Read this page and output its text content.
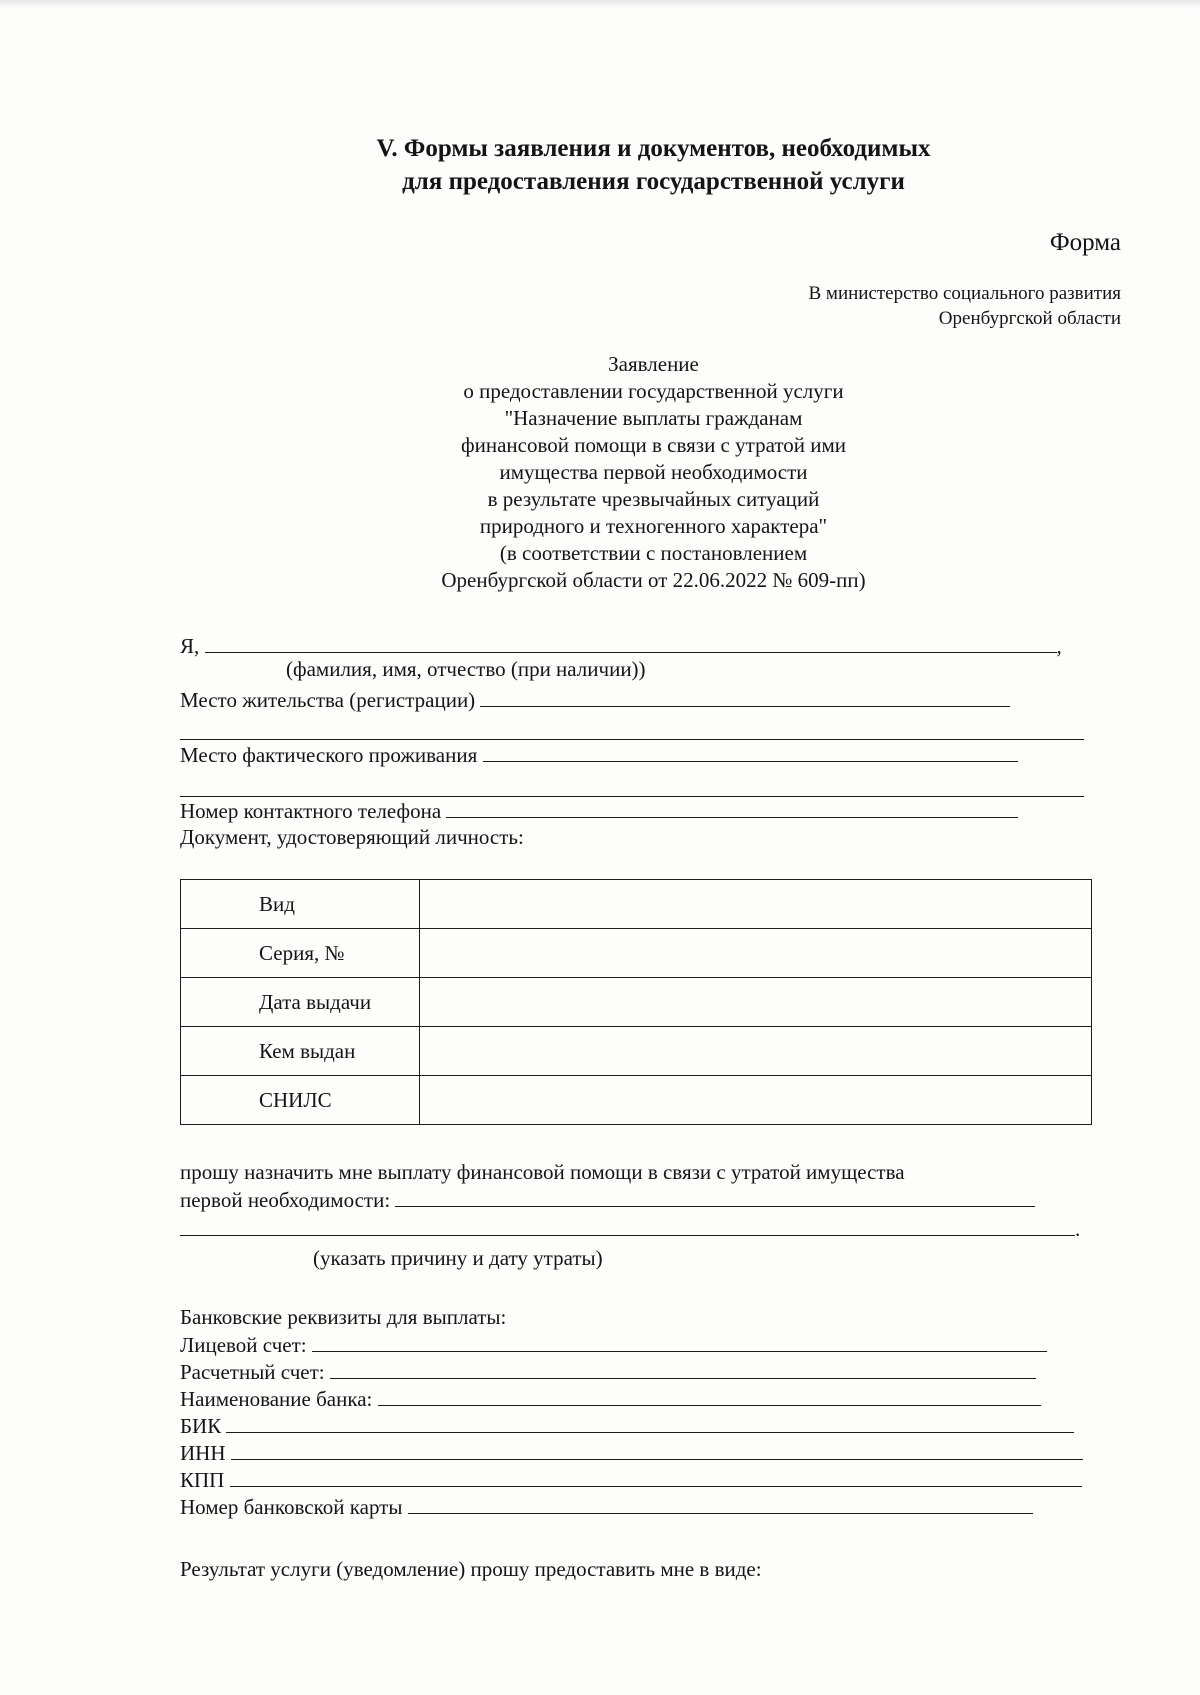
V. Формы заявления и документов, необходимых
для предоставления государственной услуги
Форма
В министерство социального развития
Оренбургской области
Заявление
о предоставлении государственной услуги
"Назначение выплаты гражданам
финансовой помощи в связи с утратой ими
имущества первой необходимости
в результате чрезвычайных ситуаций
природного и техногенного характера"
(в соответствии с постановлением
Оренбургской области от 22.06.2022 № 609-пп)
Я,	,
(фамилия, имя, отчество (при наличии))
Место жительства (регистрации)
Место фактического проживания
Номер контактного телефона
Документ, удостоверяющий личность:
Вид	
Серия, №	
Дата выдачи	
Кем выдан	
СНИЛС	
прошу назначить мне выплату финансовой помощи в связи с утратой имущества
первой необходимости:
.
(указать причину и дату утраты)
Банковские реквизиты для выплаты:
Лицевой счет:
Расчетный счет:
Наименование банка:
БИК
ИНН
КПП
Номер банковской карты
Результат услуги (уведомление) прошу предоставить мне в виде:
